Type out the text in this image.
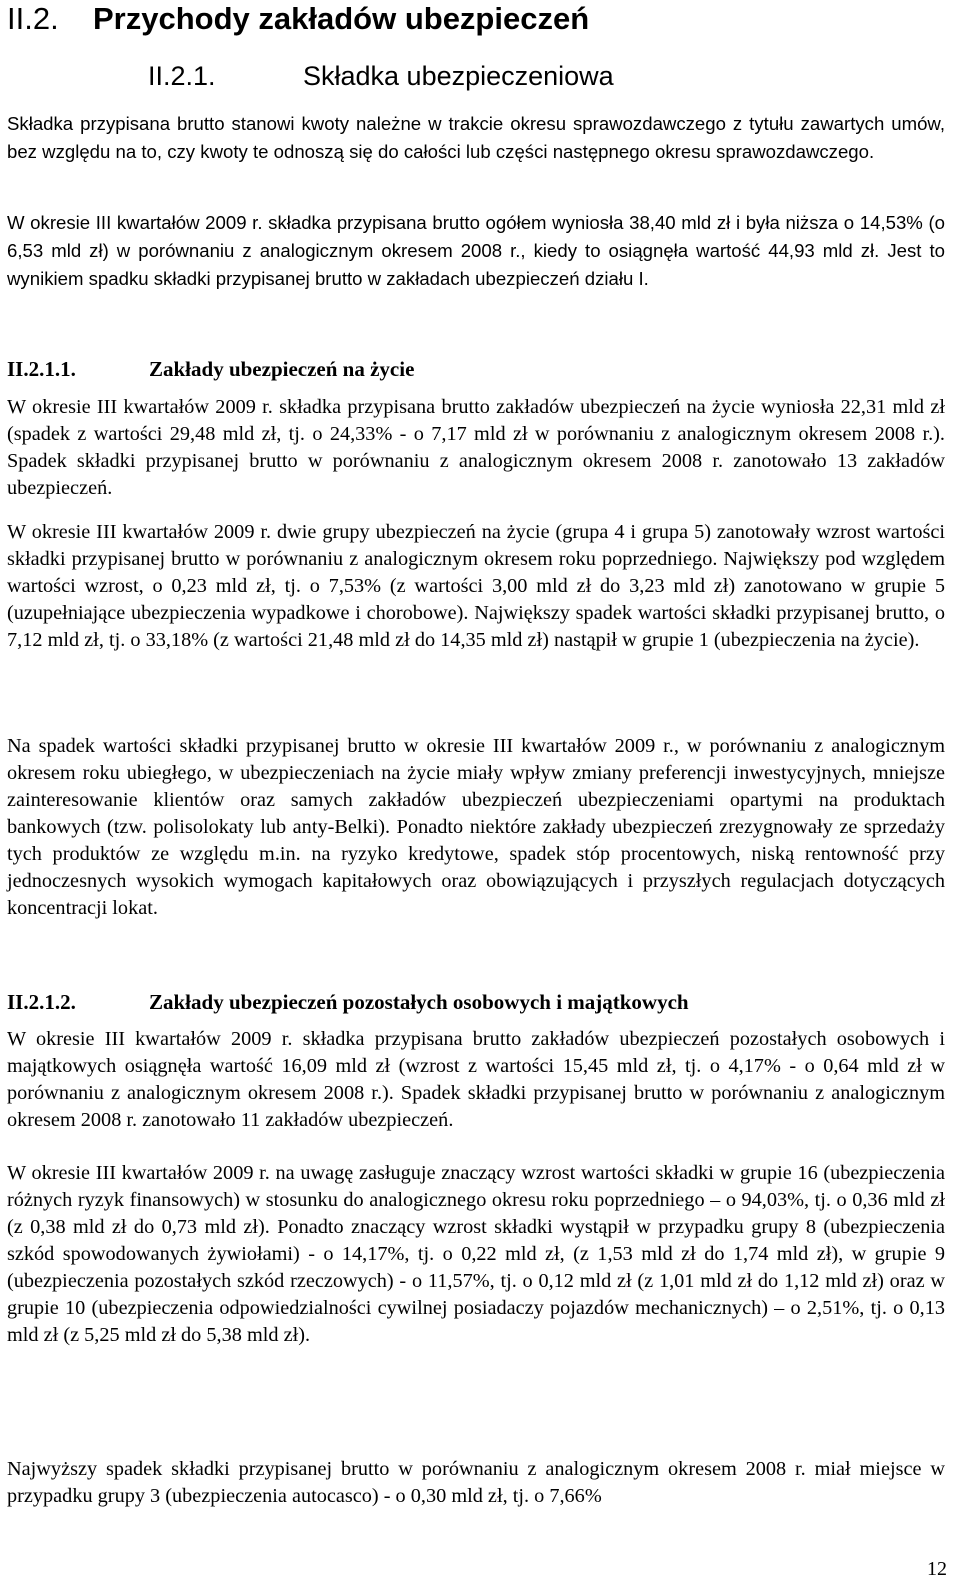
II.2. Przychody zakładów ubezpieczeń
II.2.1.	Składka ubezpieczeniowa

Składka przypisana brutto stanowi kwoty należne w trakcie okresu sprawozdawczego z tytułu zawartych umów, bez względu na to, czy kwoty te odnoszą się do całości lub części następnego okresu sprawozdawczego.

W okresie III kwartałów 2009 r. składka przypisana brutto ogółem wyniosła 38,40 mld zł i była niższa o 14,53% (o 6,53 mld zł) w porównaniu z analogicznym okresem 2008 r., kiedy to osiągnęła wartość 44,93 mld zł. Jest to wynikiem spadku składki przypisanej brutto w zakładach ubezpieczeń działu I.

II.2.1.1.	Zakłady ubezpieczeń na życie

W okresie III kwartałów 2009 r. składka przypisana brutto zakładów ubezpieczeń na życie wyniosła 22,31 mld zł (spadek z wartości 29,48 mld zł, tj. o 24,33% - o 7,17 mld zł w porównaniu z analogicznym okresem 2008 r.). Spadek składki przypisanej brutto w porównaniu z analogicznym okresem 2008 r. zanotowało 13 zakładów ubezpieczeń.

W okresie III kwartałów 2009 r. dwie grupy ubezpieczeń na życie (grupa 4 i grupa 5) zanotowały wzrost wartości składki przypisanej brutto w porównaniu z analogicznym okresem roku poprzedniego. Największy pod względem wartości wzrost, o 0,23 mld zł, tj. o 7,53% (z wartości 3,00 mld zł do 3,23 mld zł) zanotowano w grupie 5 (uzupełniające ubezpieczenia wypadkowe i chorobowe). Największy spadek wartości składki przypisanej brutto, o 7,12 mld zł, tj. o 33,18% (z wartości 21,48 mld zł do 14,35 mld zł) nastąpił w grupie 1 (ubezpieczenia na życie).

Na spadek wartości składki przypisanej brutto w okresie III kwartałów 2009 r., w porównaniu z analogicznym okresem roku ubiegłego, w ubezpieczeniach na życie miały wpływ zmiany preferencji inwestycyjnych, mniejsze zainteresowanie klientów oraz samych zakładów ubezpieczeń ubezpieczeniami opartymi na produktach bankowych (tzw. polisolokaty lub anty-Belki). Ponadto niektóre zakłady ubezpieczeń zrezygnowały ze sprzedaży tych produktów ze względu m.in. na ryzyko kredytowe, spadek stóp procentowych, niską rentowność przy jednoczesnych wysokich wymogach kapitałowych oraz obowiązujących i przyszłych regulacjach dotyczących koncentracji lokat.

II.2.1.2.	Zakłady ubezpieczeń pozostałych osobowych i majątkowych

W okresie III kwartałów 2009 r. składka przypisana brutto zakładów ubezpieczeń pozostałych osobowych i majątkowych osiągnęła wartość 16,09 mld zł (wzrost z wartości 15,45 mld zł, tj. o 4,17% - o 0,64 mld zł w porównaniu z analogicznym okresem 2008 r.). Spadek składki przypisanej brutto w porównaniu z analogicznym okresem 2008 r. zanotowało 11 zakładów ubezpieczeń.

W okresie III kwartałów 2009 r. na uwagę zasługuje znaczący wzrost wartości składki w grupie 16 (ubezpieczenia różnych ryzyk finansowych) w stosunku do analogicznego okresu roku poprzedniego – o 94,03%, tj. o 0,36 mld zł (z 0,38 mld zł do 0,73 mld zł). Ponadto znaczący wzrost składki wystąpił w przypadku grupy 8 (ubezpieczenia szkód spowodowanych żywiołami) - o 14,17%, tj. o 0,22 mld zł, (z 1,53 mld zł do 1,74 mld zł), w grupie 9 (ubezpieczenia pozostałych szkód rzeczowych) - o 11,57%, tj. o 0,12 mld zł (z 1,01 mld zł do 1,12 mld zł) oraz w grupie 10 (ubezpieczenia odpowiedzialności cywilnej posiadaczy pojazdów mechanicznych) – o 2,51%, tj. o 0,13 mld zł (z 5,25 mld zł do 5,38 mld zł).

Najwyższy spadek składki przypisanej brutto w porównaniu z analogicznym okresem 2008 r. miał miejsce w przypadku grupy 3 (ubezpieczenia autocasco) - o 0,30 mld zł, tj. o 7,66%

12
